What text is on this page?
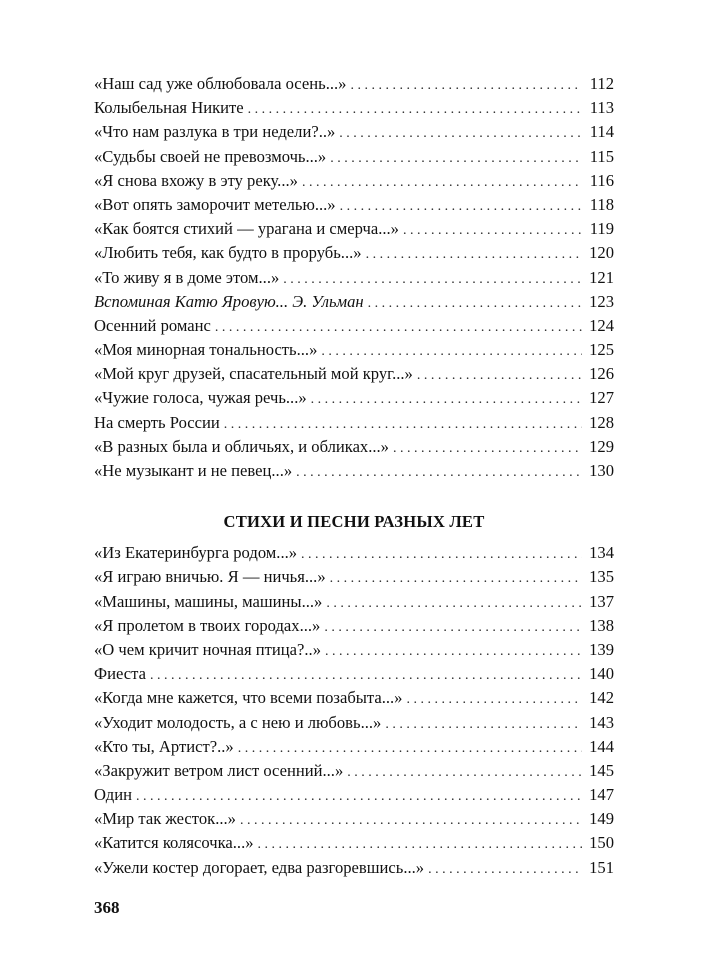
«Наш сад уже облюбовала осень...» . . .	112
Колыбельная Никите . . .	113
«Что нам разлука в три недели?..» . . .	114
«Судьбы своей не превозмочь...» . . .	115
«Я снова вхожу в эту реку...» . . .	116
«Вот опять заморочит метелью...» . . .	118
«Как боятся стихий — урагана и смерча...» . . .	119
«Любить тебя, как будто в прорубь...» . . .	120
«То живу я в доме этом...» . . .	121
Вспоминая Катю Яровую... Э. Ульман . . .	123
Осенний романс . . .	124
«Моя минорная тональность...» . . .	125
«Мой круг друзей, спасательный мой круг...» . . .	126
«Чужие голоса, чужая речь...» . . .	127
На смерть России . . .	128
«В разных была и обличьях, и обликах...» . . .	129
«Не музыкант и не певец...» . . .	130
СТИХИ И ПЕСНИ РАЗНЫХ ЛЕТ
«Из Екатеринбурга родом...» . . .	134
«Я играю вничью. Я — ничья...» . . .	135
«Машины, машины, машины...» . . .	137
«Я пролетом в твоих городах...» . . .	138
«О чем кричит ночная птица?..» . . .	139
Фиеста . . .	140
«Когда мне кажется, что всеми позабыта...» . . .	142
«Уходит молодость, а с нею и любовь...» . . .	143
«Кто ты, Артист?..» . . .	144
«Закружит ветром лист осенний...» . . .	145
Один . . .	147
«Мир так жесток...» . . .	149
«Катится колясочка...» . . .	150
«Ужели костер догорает, едва разгоревшись...» . . .	151
368
